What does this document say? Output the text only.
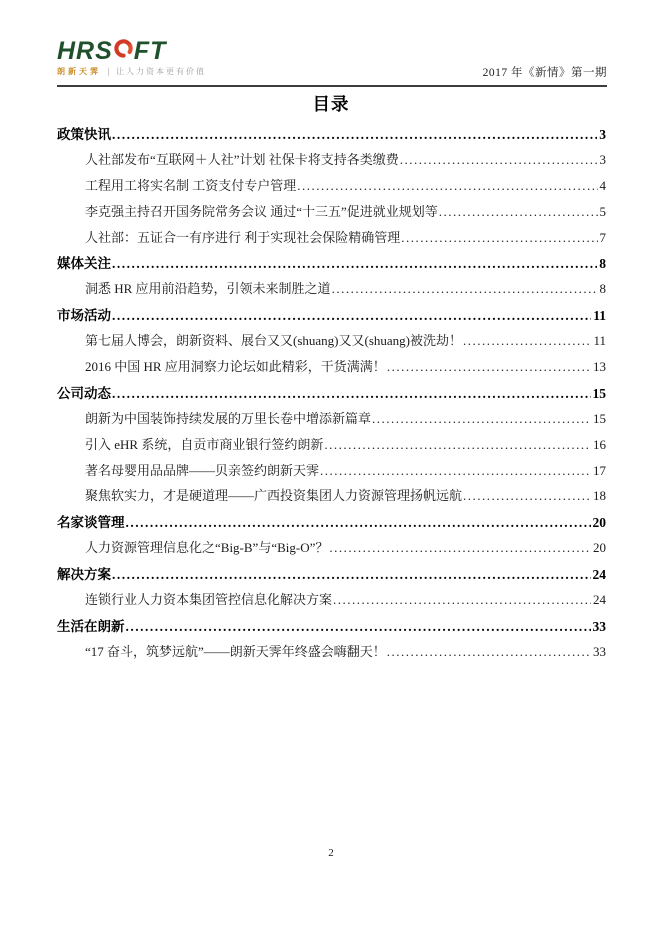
HRS FT
朗新天霁	让人力资本更有价值	2017 年《新情》第一期
目录
政策快讯 .....	3
人社部发布“互联网＋人社”计划 社保卡将支持各类缴费 .....	3
工程用工将实名制 工资支付专户管理 .....	4
李克强主持召开国务院常务会议 通过“十三五”促进就业规划等 .....	5
人社部：五证合一有序进行 利于实现社会保险精确管理 .....	7
媒体关注 .....	8
洞悉 HR 应用前沿趋势，引领未来制胜之道 .....	8
市场活动 .....	11
第七届人博会，朗新资料、展台又又(shuang)又又(shuang)被洗劫！ .....	11
2016 中国 HR 应用洞察力论坛如此精彩，干货满满！ .....	13
公司动态 .....	15
朗新为中国装饰持续发展的万里长卷中增添新篇章 .....	15
引入 eHR 系统，自贡市商业银行签约朗新 .....	16
著名母婴用品品牌——贝亲签约朗新天霁 .....	17
聚焦软实力，才是硬道理——广西投资集团人力资源管理扬帆远航 .....	18
名家谈管理 .....	20
人力资源管理信息化之“Big-B”与“Big-O”？ .....	20
解决方案 .....	24
连锁行业人力资本集团管控信息化解决方案 .....	24
生活在朗新 .....	33
“17 奋斗，筑梦远航”——朗新天霁年终盛会嗨翻天！ .....	33
2
